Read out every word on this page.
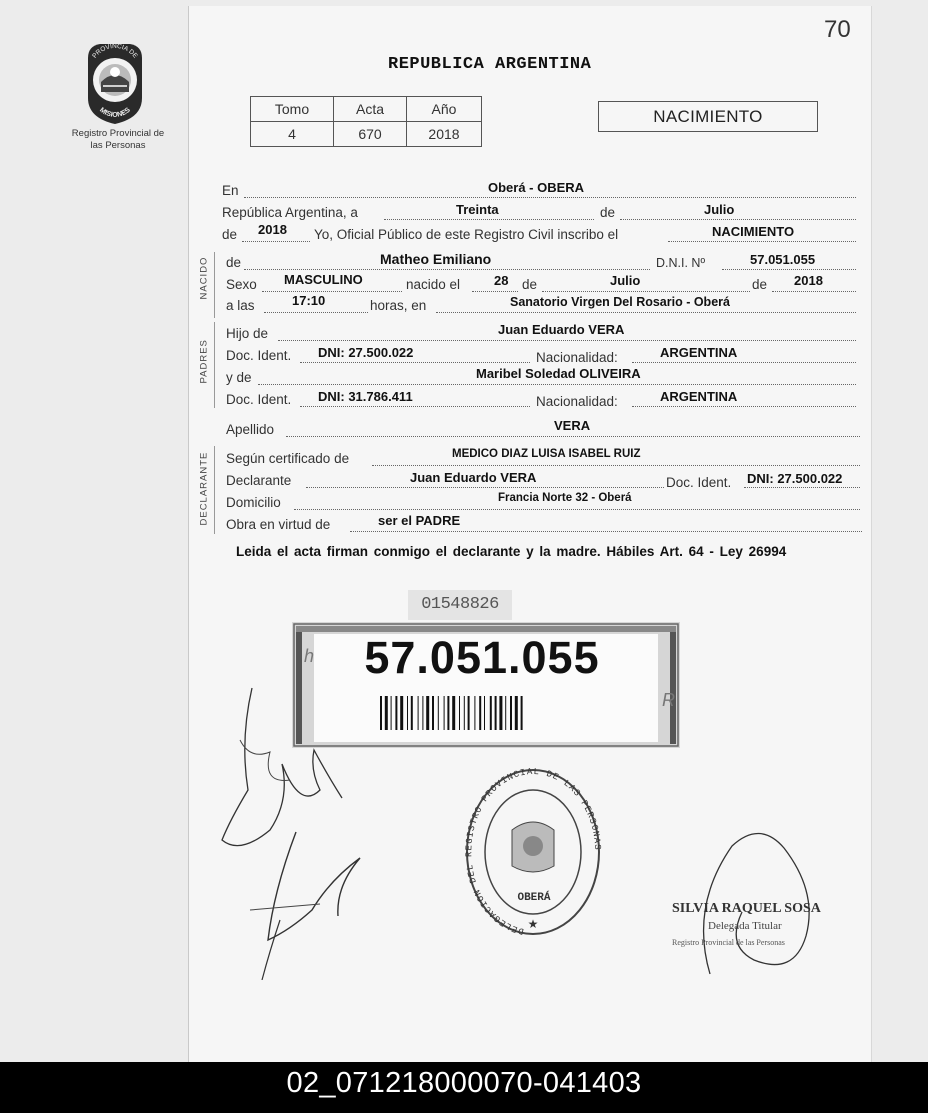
70
PROVINCIA DE
MISIONES
Registro Provincial de las Personas
REPUBLICA ARGENTINA
Tomo	Acta	Año
4	670	2018
NACIMIENTO
En	Oberá - OBERA
República Argentina, a	Treinta	de	Julio
de 2018 Yo, Oficial Público de este Registro Civil inscribo el	NACIMIENTO
NACIDO
PADRES
DECLARANTE
de	Matheo Emiliano	D.N.I. Nº	57.051.055
Sexo MASCULINO	nacido el	28 de	Julio	de 2018
a las	17:10	horas, en	Sanatorio Virgen Del Rosario - Oberá
Hijo de	Juan Eduardo VERA
Doc. Ident. DNI: 27.500.022	Nacionalidad:	ARGENTINA
y de	Maribel Soledad OLIVEIRA
Doc. Ident. DNI: 31.786.411	Nacionalidad:	ARGENTINA
Apellido	VERA
Según certificado de	MEDICO DIAZ LUISA ISABEL RUIZ
Declarante	Juan Eduardo VERA	Doc. Ident. DNI: 27.500.022
Domicilio	Francia Norte 32 - Oberá
Obra en virtud de	ser el PADRE
Leida el acta firman conmigo el declarante y la madre. Hábiles Art. 64 - Ley 26994
01548826
h
R
57.051.055
DELEGACION DEL REGISTRO PROVINCIAL DE LAS PERSONAS
OBERÁ
★
SILVIA RAQUEL SOSA
Delegada Titular
Registro Provincial de las Personas
02_071218000070-041403
